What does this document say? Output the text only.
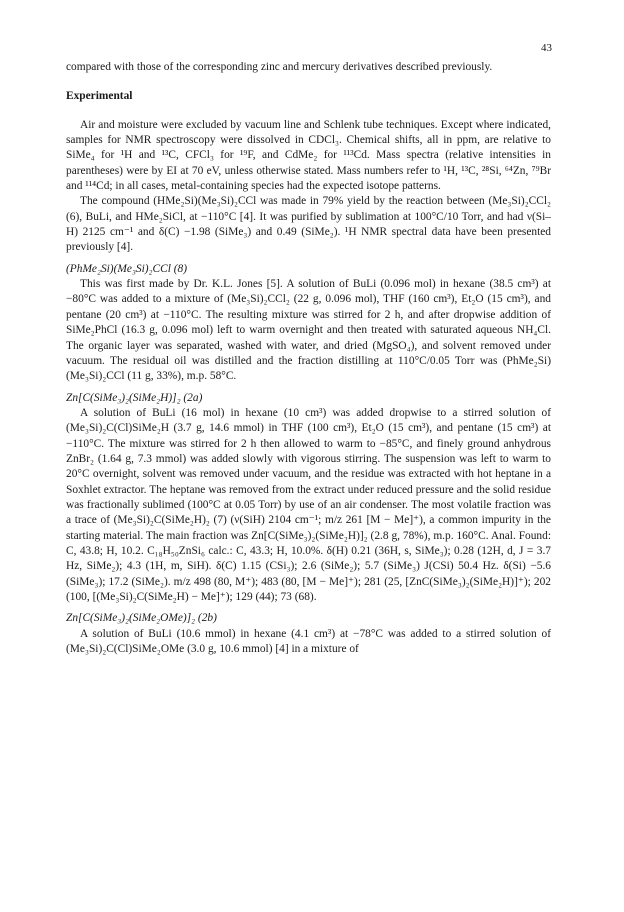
43

compared with those of the corresponding zinc and mercury derivatives described previously.

Experimental

Air and moisture were excluded by vacuum line and Schlenk tube techniques. Except where indicated, samples for NMR spectroscopy were dissolved in CDCl₃. Chemical shifts, all in ppm, are relative to SiMe₄ for ¹H and ¹³C, CFCl₃ for ¹⁹F, and CdMe₂ for ¹¹³Cd. Mass spectra (relative intensities in parentheses) were by EI at 70 eV, unless otherwise stated. Mass numbers refer to ¹H, ¹³C, ²⁸Si, ⁶⁴Zn, ⁷⁹Br and ¹¹⁴Cd; in all cases, metal-containing species had the expected isotope patterns.

The compound (HMe₂Si)(Me₃Si)₂CCl was made in 79% yield by the reaction between (Me₃Si)₂CCl₂ (6), BuLi, and HMe₂SiCl, at −110°C [4]. It was purified by sublimation at 100°C/10 Torr, and had ν(Si–H) 2125 cm⁻¹ and δ(C) −1.98 (SiMe₃) and 0.49 (SiMe₂). ¹H NMR spectral data have been presented previously [4].

(PhMe₂Si)(Me₃Si)₂CCl (8)

This was first made by Dr. K.L. Jones [5]. A solution of BuLi (0.096 mol) in hexane (38.5 cm³) at −80°C was added to a mixture of (Me₃Si)₂CCl₂ (22 g, 0.096 mol), THF (160 cm³), Et₂O (15 cm³), and pentane (20 cm³) at −110°C. The resulting mixture was stirred for 2 h, and after dropwise addition of SiMe₂PhCl (16.3 g, 0.096 mol) left to warm overnight and then treated with saturated aqueous NH₄Cl. The organic layer was separated, washed with water, and dried (MgSO₄), and solvent removed under vacuum. The residual oil was distilled and the fraction distilling at 110°C/0.05 Torr was (PhMe₂Si)(Me₃Si)₂CCl (11 g, 33%), m.p. 58°C.

Zn[C(SiMe₃)₂(SiMe₂H)]₂ (2a)

A solution of BuLi (16 mol) in hexane (10 cm³) was added dropwise to a stirred solution of (Me₃Si)₂C(Cl)SiMe₂H (3.7 g, 14.6 mmol) in THF (100 cm³), Et₂O (15 cm³), and pentane (15 cm³) at −110°C. The mixture was stirred for 2 h then allowed to warm to −85°C, and finely ground anhydrous ZnBr₂ (1.64 g, 7.3 mmol) was added slowly with vigorous stirring. The suspension was left to warm to 20°C overnight, solvent was removed under vacuum, and the residue was extracted with hot heptane in a Soxhlet extractor. The heptane was removed from the extract under reduced pressure and the solid residue was fractionally sublimed (100°C at 0.05 Torr) by use of an air condenser. The most volatile fraction was a trace of (Me₃Si)₂C(SiMe₂H)₂ (7) (ν(SiH) 2104 cm⁻¹; m/z 261 [M − Me]⁺), a common impurity in the starting material. The main fraction was Zn[C(SiMe₃)₂(SiMe₂H)]₂ (2.8 g, 78%), m.p. 160°C. Anal. Found: C, 43.8; H, 10.2. C₁₈H₅₀ZnSi₆ calc.: C, 43.3; H, 10.0%. δ(H) 0.21 (36H, s, SiMe₃); 0.28 (12H, d, J = 3.7 Hz, SiMe₂); 4.3 (1H, m, SiH). δ(C) 1.15 (CSi₃); 2.6 (SiMe₂); 5.7 (SiMe₃) J(CSi) 50.4 Hz. δ(Si) −5.6 (SiMe₃); 17.2 (SiMe₂). m/z 498 (80, M⁺); 483 (80, [M − Me]⁺); 281 (25, [ZnC(SiMe₃)₂(SiMe₂H)]⁺); 202 (100, [(Me₃Si)₂C(SiMe₂H) − Me]⁺); 129 (44); 73 (68).

Zn[C(SiMe₃)₂(SiMe₂OMe)]₂ (2b)

A solution of BuLi (10.6 mmol) in hexane (4.1 cm³) at −78°C was added to a stirred solution of (Me₃Si)₂C(Cl)SiMe₂OMe (3.0 g, 10.6 mmol) [4] in a mixture of
